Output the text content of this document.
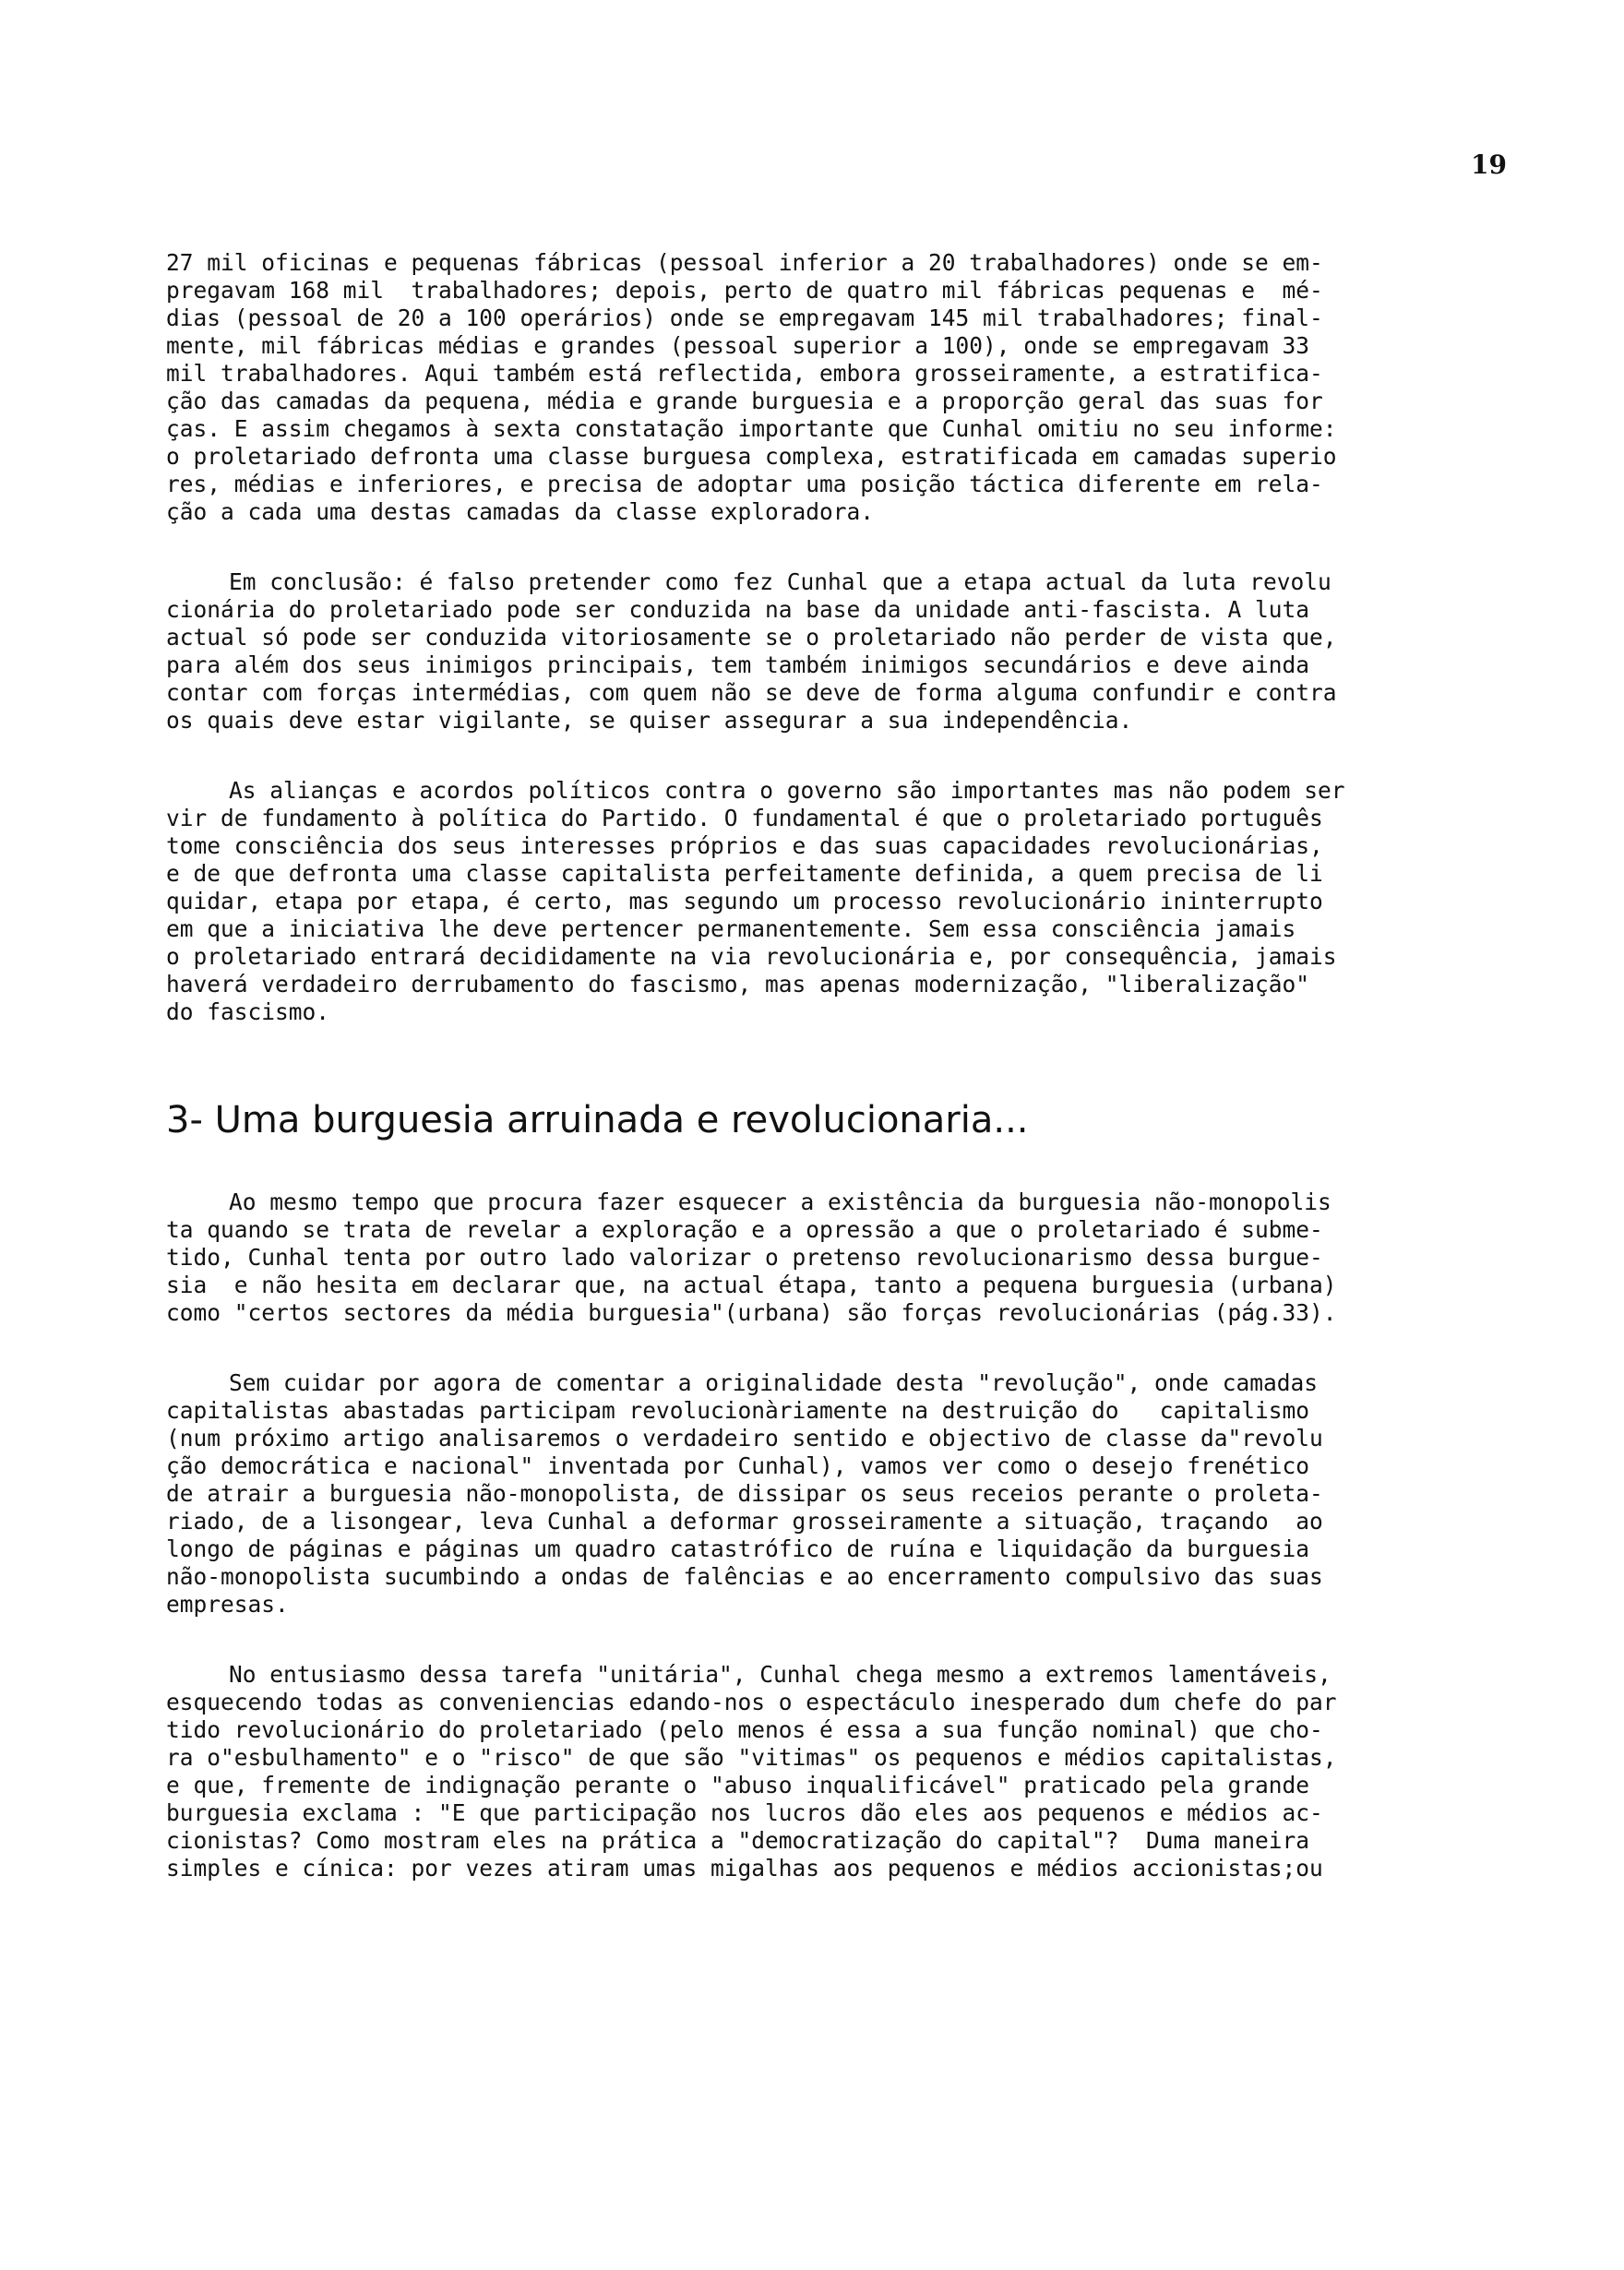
19
27 mil oficinas e pequenas fábricas (pessoal inferior a 20 trabalhadores) onde se em-
pregavam 168 mil  trabalhadores; depois, perto de quatro mil fábricas pequenas e  mé-
dias (pessoal de 20 a 100 operários) onde se empregavam 145 mil trabalhadores; final-
mente, mil fábricas médias e grandes (pessoal superior a 100), onde se empregavam 33
mil trabalhadores. Aqui também está reflectida, embora grosseiramente, a estratifica-
ção das camadas da pequena, média e grande burguesia e a proporção geral das suas for
ças. E assim chegamos à sexta constatação importante que Cunhal omitiu no seu informe:
o proletariado defronta uma classe burguesa complexa, estratificada em camadas superio
res, médias e inferiores, e precisa de adoptar uma posição táctica diferente em rela-
ção a cada uma destas camadas da classe exploradora.
Em conclusão: é falso pretender como fez Cunhal que a etapa actual da luta revolu
cionária do proletariado pode ser conduzida na base da unidade anti-fascista. A luta
actual só pode ser conduzida vitoriosamente se o proletariado não perder de vista que,
para além dos seus inimigos principais, tem também inimigos secundários e deve ainda
contar com forças intermédias, com quem não se deve de forma alguma confundir e contra
os quais deve estar vigilante, se quiser assegurar a sua independência.
As alianças e acordos políticos contra o governo são importantes mas não podem ser
vir de fundamento à política do Partido. O fundamental é que o proletariado português
tome consciência dos seus interesses próprios e das suas capacidades revolucionárias,
e de que defronta uma classe capitalista perfeitamente definida, a quem precisa de li
quidar, etapa por etapa, é certo, mas segundo um processo revolucionário ininterrupto
em que a iniciativa lhe deve pertencer permanentemente. Sem essa consciência jamais
o proletariado entrará decididamente na via revolucionária e, por consequência, jamais
haverá verdadeiro derrubamento do fascismo, mas apenas modernização, "liberalização"
do fascismo.
3- Uma burguesia arruinada e revolucionaria...
Ao mesmo tempo que procura fazer esquecer a existência da burguesia não-monopolis
ta quando se trata de revelar a exploração e a opressão a que o proletariado é subme-
tido, Cunhal tenta por outro lado valorizar o pretenso revolucionarismo dessa burgue-
sia  e não hesita em declarar que, na actual étapa, tanto a pequena burguesia (urbana)
como "certos sectores da média burguesia"(urbana) são forças revolucionárias (pág.33).
Sem cuidar por agora de comentar a originalidade desta "revolução", onde camadas
capitalistas abastadas participam revolucionàriamente na destruição do   capitalismo
(num próximo artigo analisaremos o verdadeiro sentido e objectivo de classe da"revolu
ção democrática e nacional" inventada por Cunhal), vamos ver como o desejo frenético
de atrair a burguesia não-monopolista, de dissipar os seus receios perante o proleta-
riado, de a lisongear, leva Cunhal a deformar grosseiramente a situação, traçando  ao
longo de páginas e páginas um quadro catastrófico de ruína e liquidação da burguesia
não-monopolista sucumbindo a ondas de falências e ao encerramento compulsivo das suas
empresas.
No entusiasmo dessa tarefa "unitária", Cunhal chega mesmo a extremos lamentáveis,
esquecendo todas as conveniencias edando-nos o espectáculo inesperado dum chefe do par
tido revolucionário do proletariado (pelo menos é essa a sua função nominal) que cho-
ra o"esbulhamento" e o "risco" de que são "vitimas" os pequenos e médios capitalistas,
e que, fremente de indignação perante o "abuso inqualificável" praticado pela grande
burguesia exclama : "E que participação nos lucros dão eles aos pequenos e médios ac-
cionistas? Como mostram eles na prática a "democratização do capital"?  Duma maneira
simples e cínica: por vezes atiram umas migalhas aos pequenos e médios accionistas;ou
